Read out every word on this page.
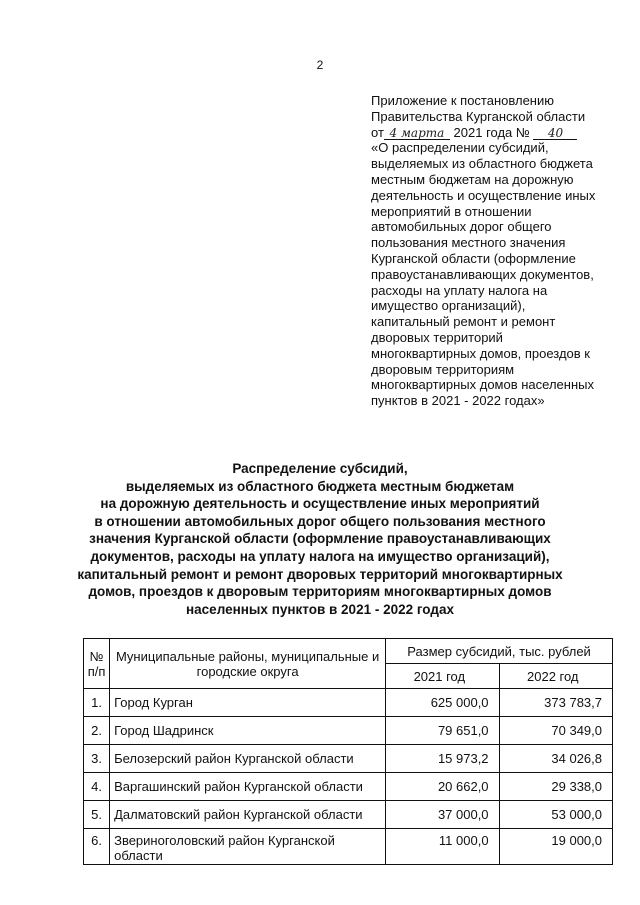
2
Приложение к постановлению
Правительства Курганской области
от 4 марта 2021 года № 40
«О распределении субсидий,
выделяемых из областного бюджета
местным бюджетам на дорожную
деятельность и осуществление иных
мероприятий в отношении
автомобильных дорог общего
пользования местного значения
Курганской области (оформление
правоустанавливающих документов,
расходы на уплату налога на
имущество организаций),
капитальный ремонт и ремонт
дворовых территорий
многоквартирных домов, проездов к
дворовым территориям
многоквартирных домов населенных
пунктов в 2021 - 2022 годах»
Распределение субсидий,
выделяемых из областного бюджета местным бюджетам
на дорожную деятельность и осуществление иных мероприятий
в отношении автомобильных дорог общего пользования местного
значения Курганской области (оформление правоустанавливающих
документов, расходы на уплату налога на имущество организаций),
капитальный ремонт и ремонт дворовых территорий многоквартирных
домов, проездов к дворовым территориям многоквартирных домов
населенных пунктов в 2021 - 2022 годах
№
п/п	Муниципальные районы, муниципальные и городские округа	Размер субсидий, тыс. рублей	
		2021 год	2022 год
1.	Город Курган	625 000,0	373 783,7
2.	Город Шадринск	79 651,0	70 349,0
3.	Белозерский район Курганской области	15 973,2	34 026,8
4.	Варгашинский район Курганской области	20 662,0	29 338,0
5.	Далматовский район Курганской области	37 000,0	53 000,0
6.	Звериноголовский район Курганской области	11 000,0	19 000,0
